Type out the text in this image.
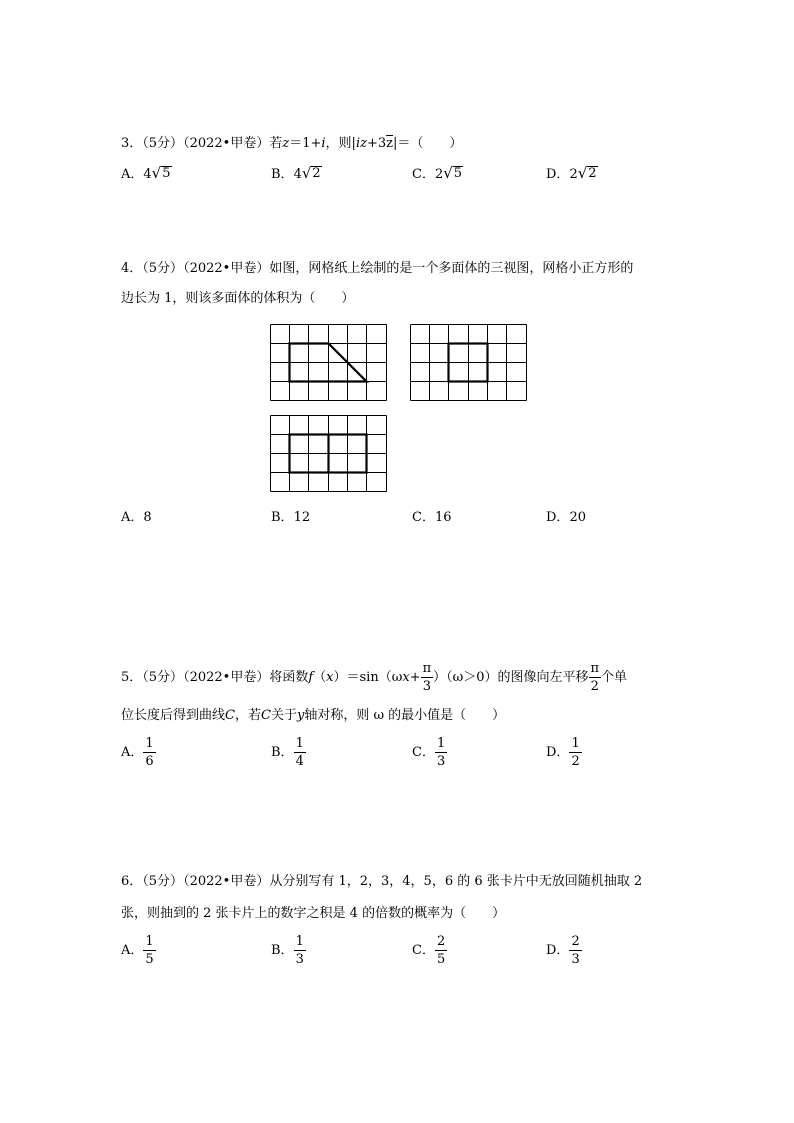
3．（5分）（2022•甲卷）若z＝1+i，则$|iz+3\overline{z}|=$（　　）
A．4 √ 5	B．4 √ 2	C．2 √ 5	D．2 √ 2
4．（5分）（2022•甲卷）如图，网格纸上绘制的是一个多面体的三视图，网格小正方形的
边长为 1，则该多面体的体积为（　　）
A．8	B．12	C．16	D．20
5．（5分）（2022•甲卷）将函数$f(x)=\sin(\omega x+ \frac{\pi}{3} )(\omega>0)$的图像向左平移 $\frac{\pi}{2}$ 个单
位长度后得到曲线C，若C关于y轴对称，则 ω 的最小值是（　　）
A． $\frac{1}{6}$	B． $\frac{1}{4}$	C． $\frac{1}{3}$	D． $\frac{1}{2}$
6．（5分）（2022•甲卷）从分别写有 1，2，3，4，5，6 的 6 张卡片中无放回随机抽取 2
张，则抽到的 2 张卡片上的数字之积是 4 的倍数的概率为（　　）
A． $\frac{1}{5}$	B． $\frac{1}{3}$	C． $\frac{2}{5}$	D． $\frac{2}{3}$
